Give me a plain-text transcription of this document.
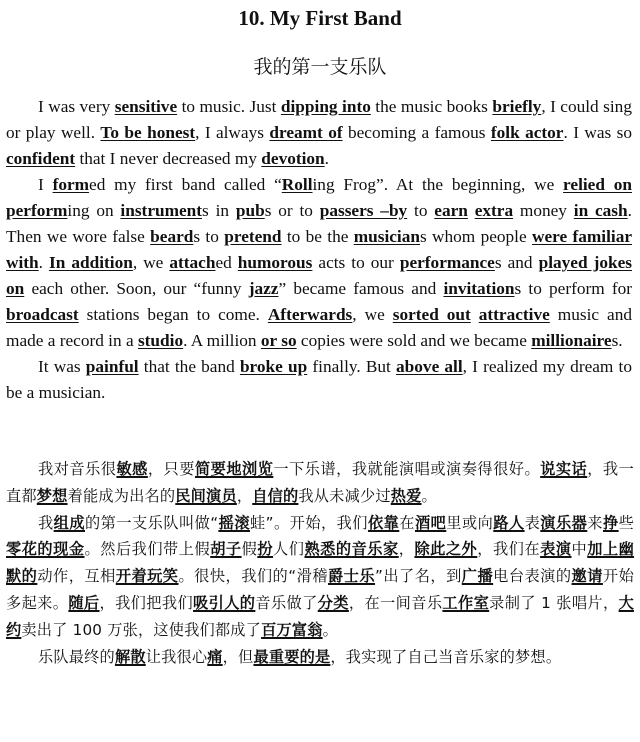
10. My First Band
我的第一支乐队

I was very sensitive to music. Just dipping into the music books briefly, I could sing or play well. To be honest, I always dreamt of becoming a famous folk actor. I was so confident that I never decreased my devotion.

I formed my first band called “Rolling Frog”. At the beginning, we relied on performing on instruments in pubs or to passers –by to earn extra money in cash. Then we wore false beards to pretend to be the musicians whom people were familiar with. In addition, we attached humorous acts to our performances and played jokes on each other. Soon, our “funny jazz” became famous and invitations to perform for broadcast stations began to come. Afterwards, we sorted out attractive music and made a record in a studio. A million or so copies were sold and we became millionaires.

It was painful that the band broke up finally. But above all, I realized my dream to be a musician.

我对音乐很敏感，只要简要地浏览一下乐谱，我就能演唱或演奏得很好。说实话，我一直都梦想着能成为出名的民间演员，自信的我从未减少过热爱。

我组成的第一支乐队叫做“摇滚蛙”。开始，我们依靠在酒吧里或向路人表演乐器来挣些零花的现金。然后我们带上假胡子假扮人们熟悉的音乐家，除此之外，我们在表演中加上幽默的动作，互相开着玩笑。很快，我们的“滑稽爵士乐”出了名，到广播电台表演的邀请开始多起来。随后，我们把我们吸引人的音乐做了分类，在一间音乐工作室录制了 1 张唱片，大约卖出了 100 万张，这使我们都成了百万富翁。

乐队最终的解散让我很心痛，但最重要的是，我实现了自己当音乐家的梦想。
